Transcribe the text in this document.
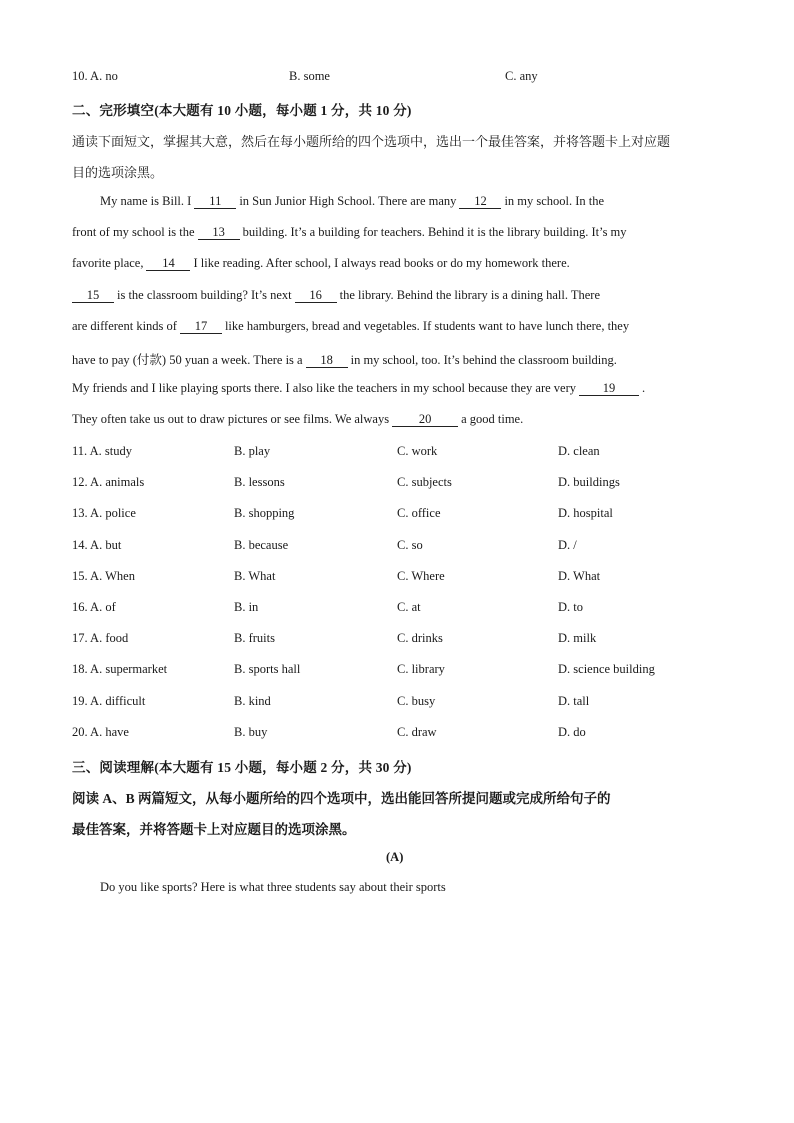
10. A. no	B. some	C. any
二、完形填空(本大题有 10 小题，每小题 1 分，共 10 分)
通读下面短文，掌握其大意，然后在每小题所给的四个选项中，选出一个最佳答案，并将答题卡上对应题
目的选项涂黑。
My name is Bill. I 11 in Sun Junior High School. There are many 12 in my school. In the
front of my school is the 13 building. It’s a building for teachers. Behind it is the library building. It’s my
favorite place, 14 I like reading. After school, I always read books or do my homework there.
15 is the classroom building? It’s next 16 the library. Behind the library is a dining hall. There
are different kinds of 17 like hamburgers, bread and vegetables. If students want to have lunch there, they
have to pay (付款) 50 yuan a week. There is a 18 in my school, too. It’s behind the classroom building.
My friends and I like playing sports there. I also like the teachers in my school because they are very 19 .
They often take us out to draw pictures or see films. We always 20 a good time.
11. A. study	B. play	C. work	D. clean
12. A. animals	B. lessons	C. subjects	D. buildings
13. A. police	B. shopping	C. office	D. hospital
14. A. but	B. because	C. so	D. /
15. A. When	B. What	C. Where	D. What
16. A. of	B. in	C. at	D. to
17. A. food	B. fruits	C. drinks	D. milk
18. A. supermarket	B. sports hall	C. library	D. science building
19. A. difficult	B. kind	C. busy	D. tall
20. A. have	B. buy	C. draw	D. do
三、阅读理解(本大题有 15 小题，每小题 2 分，共 30 分)
阅读 A、B 两篇短文，从每小题所给的四个选项中，选出能回答所提问题或完成所给句子的
最佳答案，并将答题卡上对应题目的选项涂黑。
(A)
Do you like sports? Here is what three students say about their sports
